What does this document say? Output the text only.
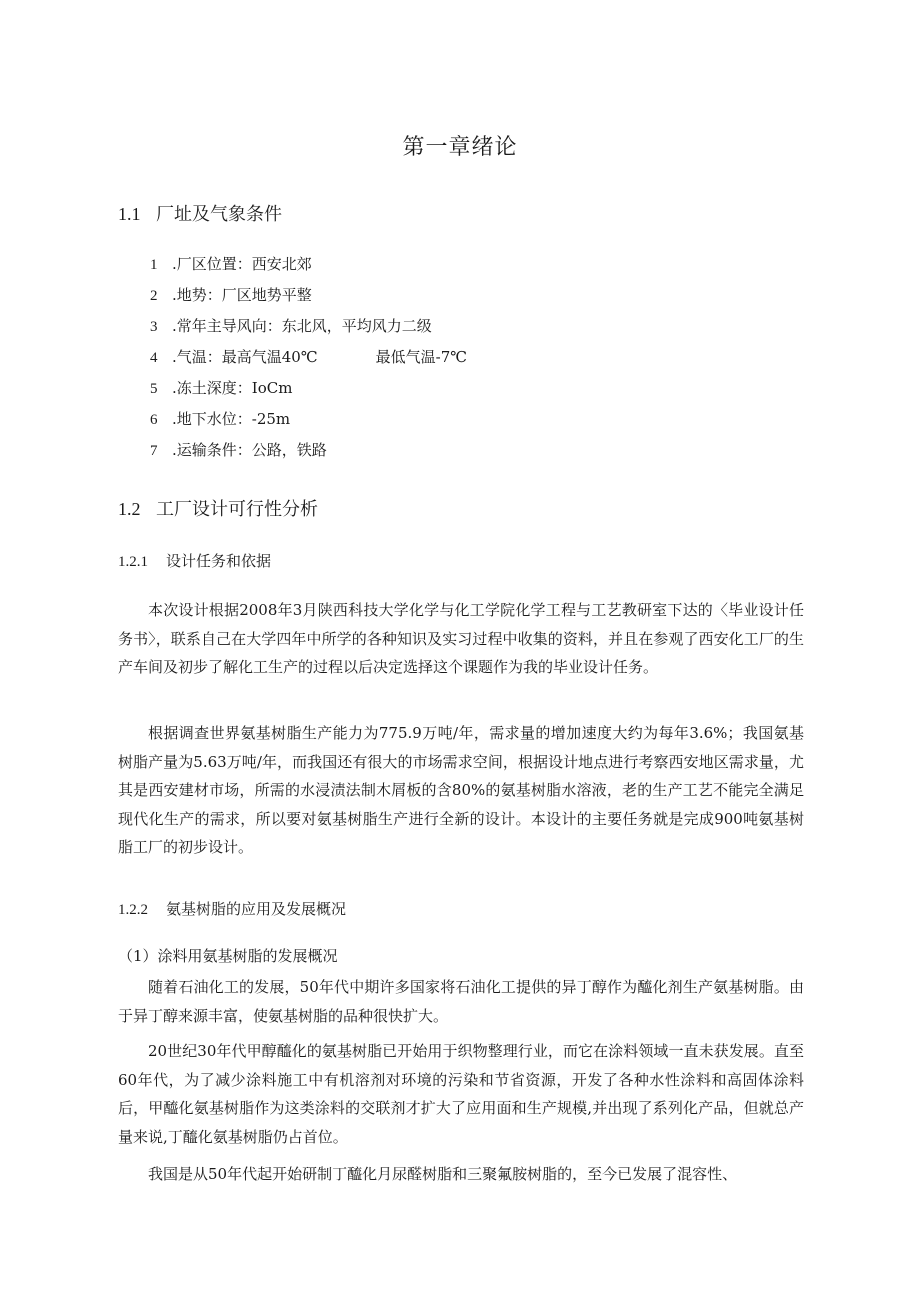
第一章绪论
1.1 厂址及气象条件
1 .厂区位置：西安北郊
2 .地势：厂区地势平整
3 .常年主导风向：东北风，平均风力二级
4 .气温：最高气温40℃	最低气温-7℃
5 .冻土深度：IoCm
6 .地下水位：-25m
7 .运输条件：公路，铁路
1.2 工厂设计可行性分析
1.2.1 设计任务和依据

本次设计根据2008年3月陕西科技大学化学与化工学院化学工程与工艺教研室下达的〈毕业设计任务书〉，联系自己在大学四年中所学的各种知识及实习过程中收集的资料，并且在参观了西安化工厂的生产车间及初步了解化工生产的过程以后决定选择这个课题作为我的毕业设计任务。

根据调查世界氨基树脂生产能力为775.9万吨/年，需求量的增加速度大约为每年3.6%；我国氨基树脂产量为5.63万吨/年，而我国还有很大的市场需求空间，根据设计地点进行考察西安地区需求量，尤其是西安建材市场，所需的水浸渍法制木屑板的含80%的氨基树脂水溶液，老的生产工艺不能完全满足现代化生产的需求，所以要对氨基树脂生产进行全新的设计。本设计的主要任务就是完成900吨氨基树脂工厂的初步设计。

1.2.2 氨基树脂的应用及发展概况
（1）涂料用氨基树脂的发展概况

随着石油化工的发展，50年代中期许多国家将石油化工提供的异丁醇作为醯化剂生产氨基树脂。由于异丁醇来源丰富，使氨基树脂的品种很快扩大。

20世纪30年代甲醇醯化的氨基树脂已开始用于织物整理行业，而它在涂料领域一直未获发展。直至60年代，为了减少涂料施工中有机溶剂对环境的污染和节省资源，开发了各种水性涂料和高固体涂料后，甲醯化氨基树脂作为这类涂料的交联剂才扩大了应用面和生产规模,并出现了系列化产品，但就总产量来说,丁醯化氨基树脂仍占首位。

我国是从50年代起开始研制丁醯化月尿醛树脂和三聚氟胺树脂的，至今已发展了混容性、
